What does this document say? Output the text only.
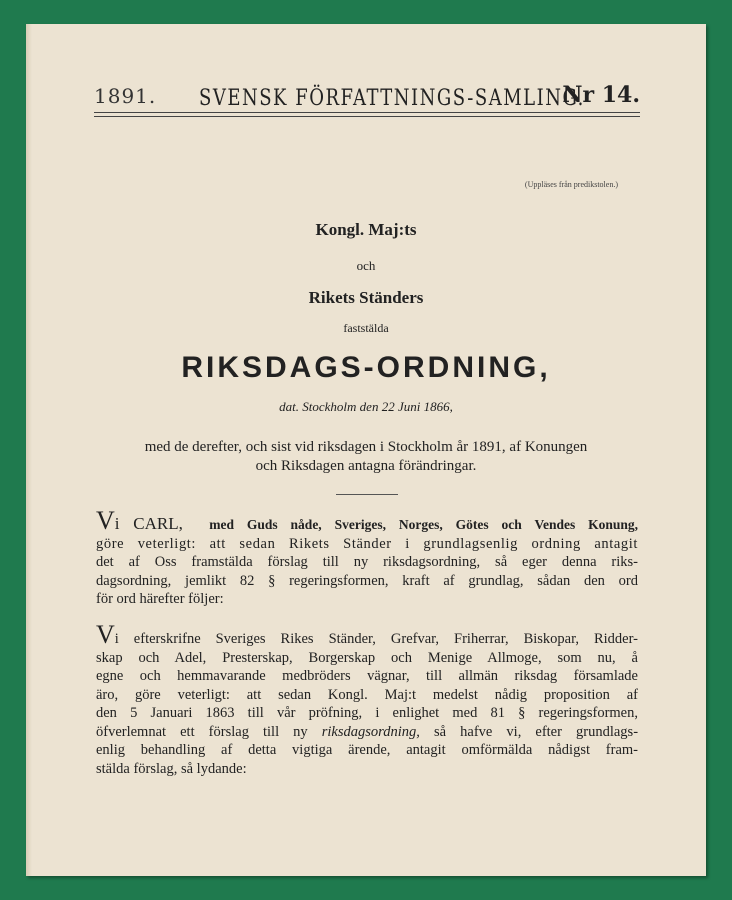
1891. SVENSK FÖRFATTNINGS-SAMLING.
Nr 14.
(Uppläses från predikstolen.)
Kongl. Maj:ts
och
Rikets Ständers
faststälda
RIKSDAGS-ORDNING,
dat. Stockholm den 22 Juni 1866,
med de derefter, och sist vid riksdagen i Stockholm år 1891, af Konungen
och Riksdagen antagna förändringar.
Vi CARL, med Guds nåde, Sveriges, Norges, Götes och Vendes Konung,
göre veterligt: att sedan Rikets Ständer i grundlagsenlig ordning antagit
det af Oss framstälda förslag till ny riksdagsordning, så eger denna riks-
dagsordning, jemlikt 82 § regeringsformen, kraft af grundlag, sådan den ord
för ord härefter följer:
Vi efterskrifne Sveriges Rikes Ständer, Grefvar, Friherrar, Biskopar, Ridder-
skap och Adel, Presterskap, Borgerskap och Menige Allmoge, som nu, å
egne och hemmavarande medbröders vägnar, till allmän riksdag församlade
äro, göre veterligt: att sedan Kongl. Maj:t medelst nådig proposition af
den 5 Januari 1863 till vår pröfning, i enlighet med 81 § regeringsformen,
öfverlemnat ett förslag till ny riksdagsordning, så hafve vi, efter grundlags-
enlig behandling af detta vigtiga ärende, antagit omförmälda nådigst fram-
stälda förslag, så lydande:
